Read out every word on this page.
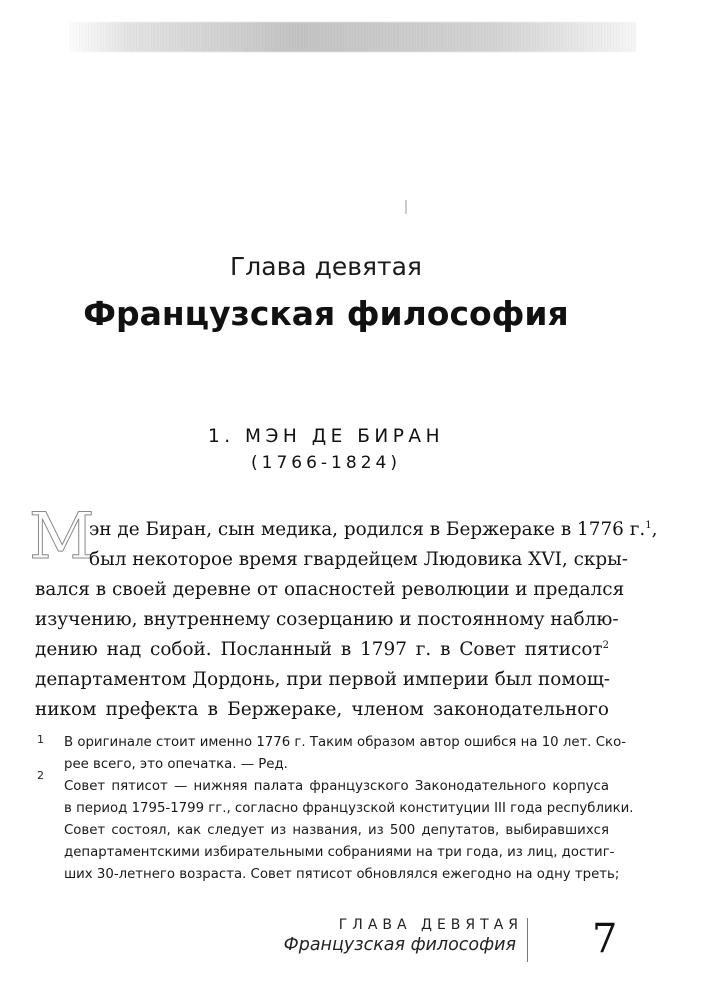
Глава девятая
Французская философия
1. МЭН ДЕ БИРАН
(1766-1824)
М
эн де Биран, сын медика, родился в Бержераке в 1776 г.$^1$,
был некоторое время гвардейцем Людовика XVI, скры-
вался в своей деревне от опасностей революции и предался
изучению, внутреннему созерцанию и постоянному наблю-
дению над собой. Посланный в 1797 г. в Совет пятисот$^2$
департаментом Дордонь, при первой империи был помощ-
ником префекта в Бержераке, членом законодательного
1 В оригинале стоит именно 1776 г. Таким образом автор ошибся на 10 лет. Ско-
рее всего, это опечатка. — Ред.
2
Совет пятисот — нижняя палата французского Законодательного корпуса
в период 1795-1799 гг., согласно французской конституции III года республики.
Совет состоял, как следует из названия, из 500 депутатов, выбиравшихся
департаментскими избирательными собраниями на три года, из лиц, достиг-
ших 30-летнего возраста. Совет пятисот обновлялся ежегодно на одну треть;
ГЛАВА ДЕВЯТАЯ
Французская философия 7
